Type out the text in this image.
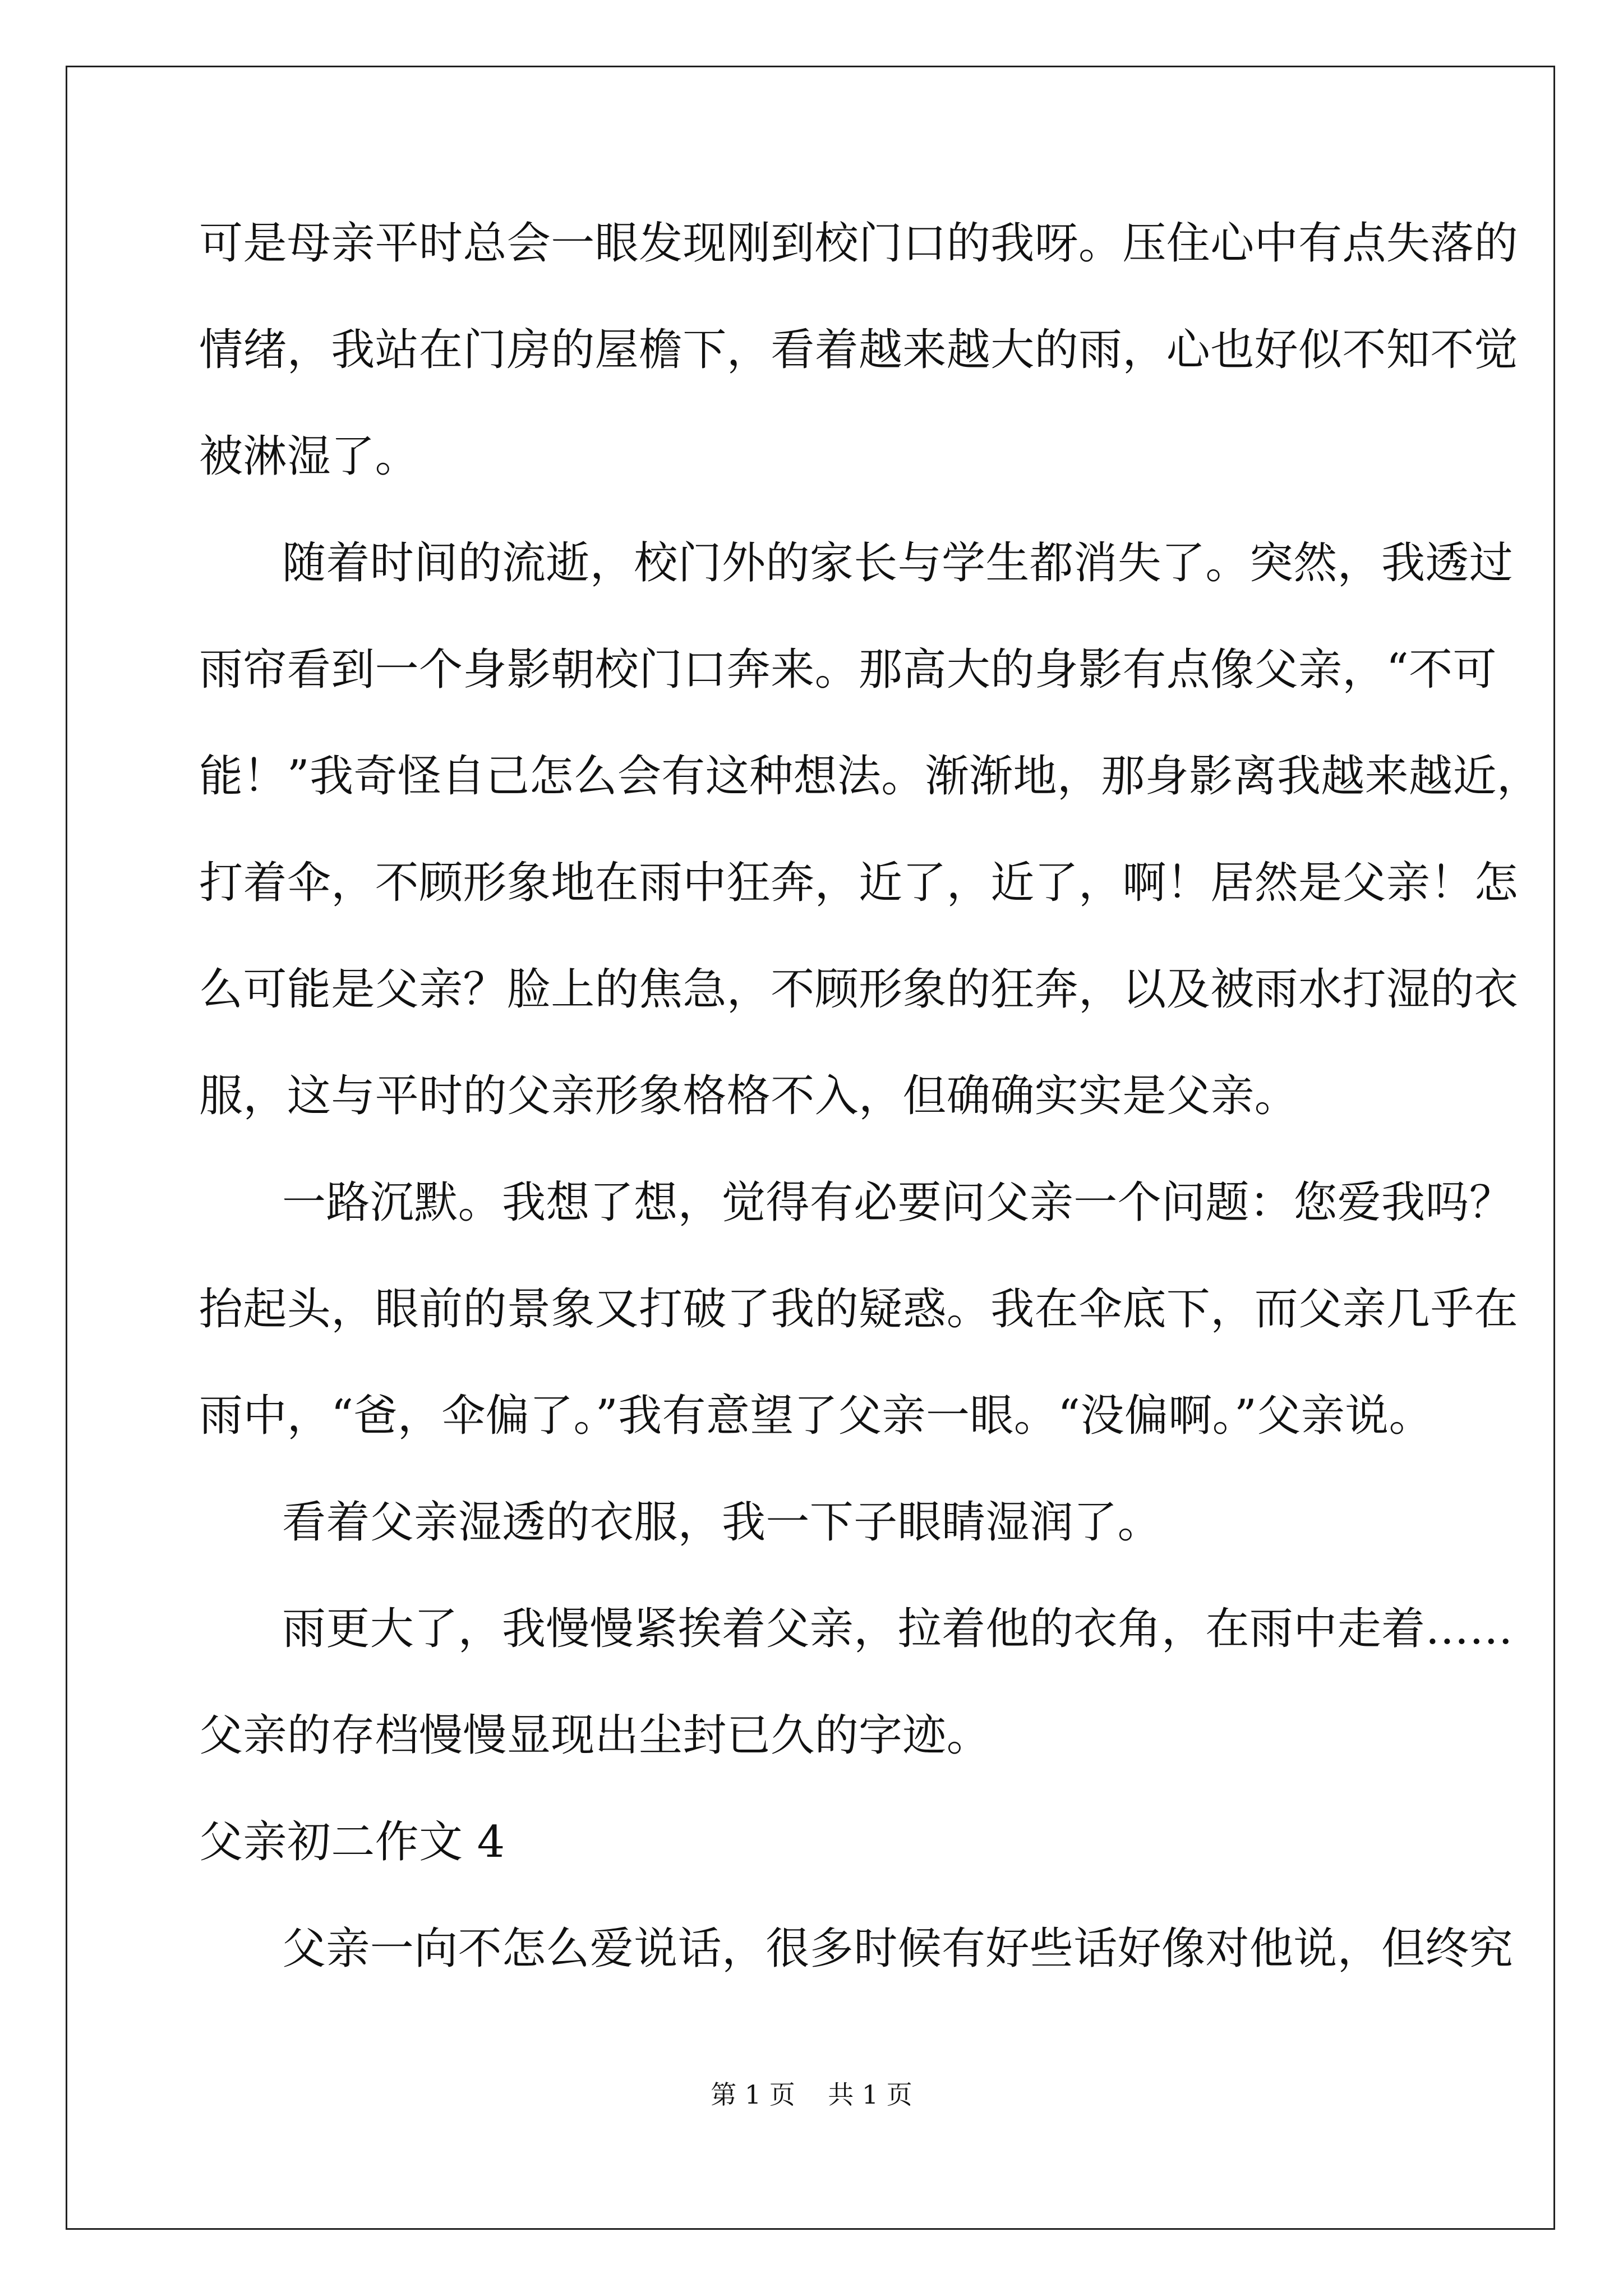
可是母亲平时总会一眼发现刚到校门口的我呀。压住心中有点失落的
情绪，我站在门房的屋檐下，看着越来越大的雨，心也好似不知不觉
被淋湿了。
随着时间的流逝，校门外的家长与学生都消失了。突然，我透过
雨帘看到一个身影朝校门口奔来。那高大的身影有点像父亲，“不可
能！”我奇怪自己怎么会有这种想法。渐渐地，那身影离我越来越近，
打着伞，不顾形象地在雨中狂奔，近了，近了，啊！居然是父亲！怎
么可能是父亲？脸上的焦急，不顾形象的狂奔，以及被雨水打湿的衣
服，这与平时的父亲形象格格不入，但确确实实是父亲。
一路沉默。我想了想，觉得有必要问父亲一个问题：您爱我吗？
抬起头，眼前的景象又打破了我的疑惑。我在伞底下，而父亲几乎在
雨中，“爸，伞偏了。”我有意望了父亲一眼。“没偏啊。”父亲说。
看着父亲湿透的衣服，我一下子眼睛湿润了。
雨更大了，我慢慢紧挨着父亲，拉着他的衣角，在雨中走着……
父亲的存档慢慢显现出尘封已久的字迹。
父亲初二作文 4
父亲一向不怎么爱说话，很多时候有好些话好像对他说，但终究
第 1 页    共 1 页
